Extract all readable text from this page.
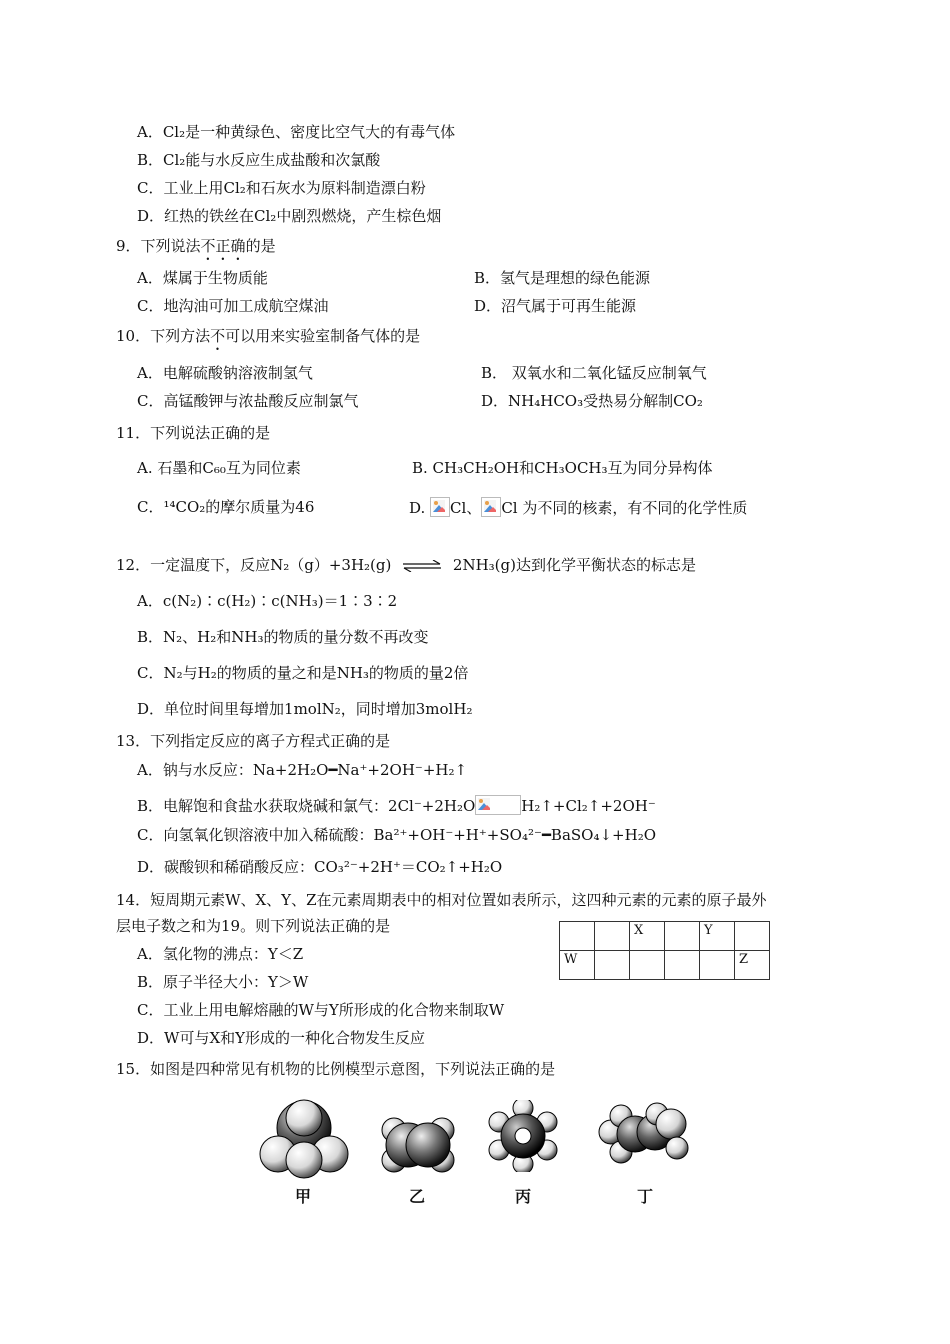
A．Cl₂是一种黄绿色、密度比空气大的有毒气体
B．Cl₂能与水反应生成盐酸和次氯酸
C．工业上用Cl₂和石灰水为原料制造漂白粉
D．红热的铁丝在Cl₂中剧烈燃烧，产生棕色烟
9．下列说法不正确的是
A．煤属于生物质能	B．氢气是理想的绿色能源
C．地沟油可加工成航空煤油	D．沼气属于可再生能源
10．下列方法不可以用来实验室制备气体的是
A．电解硫酸钠溶液制氢气	B． 双氧水和二氧化锰反应制氧气
C．高锰酸钾与浓盐酸反应制氯气	D．NH₄HCO₃受热易分解制CO₂
11．下列说法正确的是
A. 石墨和C₆₀互为同位素	B. CH₃CH₂OH和CH₃OCH₃互为同分异构体
C．¹⁴CO₂的摩尔质量为46	D. Cl、 Cl 为不同的核素，有不同的化学性质
12．一定温度下，反应N₂（g）+3H₂(g) ⇌ 2NH₃(g)达到化学平衡状态的标志是
A．c(N₂)∶c(H₂)∶c(NH₃)＝1∶3∶2
B．N₂、H₂和NH₃的物质的量分数不再改变
C．N₂与H₂的物质的量之和是NH₃的物质的量2倍
D．单位时间里每增加1molN₂，同时增加3molH₂
13．下列指定反应的离子方程式正确的是
A．钠与水反应：Na+2H₂O━Na⁺+2OH⁻+H₂↑
B．电解饱和食盐水获取烧碱和氯气：2Cl⁻+2H₂O	H₂↑+Cl₂↑+2OH⁻
C．向氢氧化钡溶液中加入稀硫酸：Ba²⁺+OH⁻+H⁺+SO₄²⁻━BaSO₄↓+H₂O
D．碳酸钡和稀硝酸反应：CO₃²⁻+2H⁺＝CO₂↑+H₂O
14．短周期元素W、X、Y、Z在元素周期表中的相对位置如表所示，这四种元素的元素的原子最外
层电子数之和为19。则下列说法正确的是
			X		Y	
W					Z
A．氢化物的沸点：Y＜Z
B．原子半径大小：Y＞W
C．工业上用电解熔融的W与Y所形成的化合物来制取W
D．W可与X和Y形成的一种化合物发生反应
15．如图是四种常见有机物的比例模型示意图，下列说法正确的是
甲	乙	丙	丁
